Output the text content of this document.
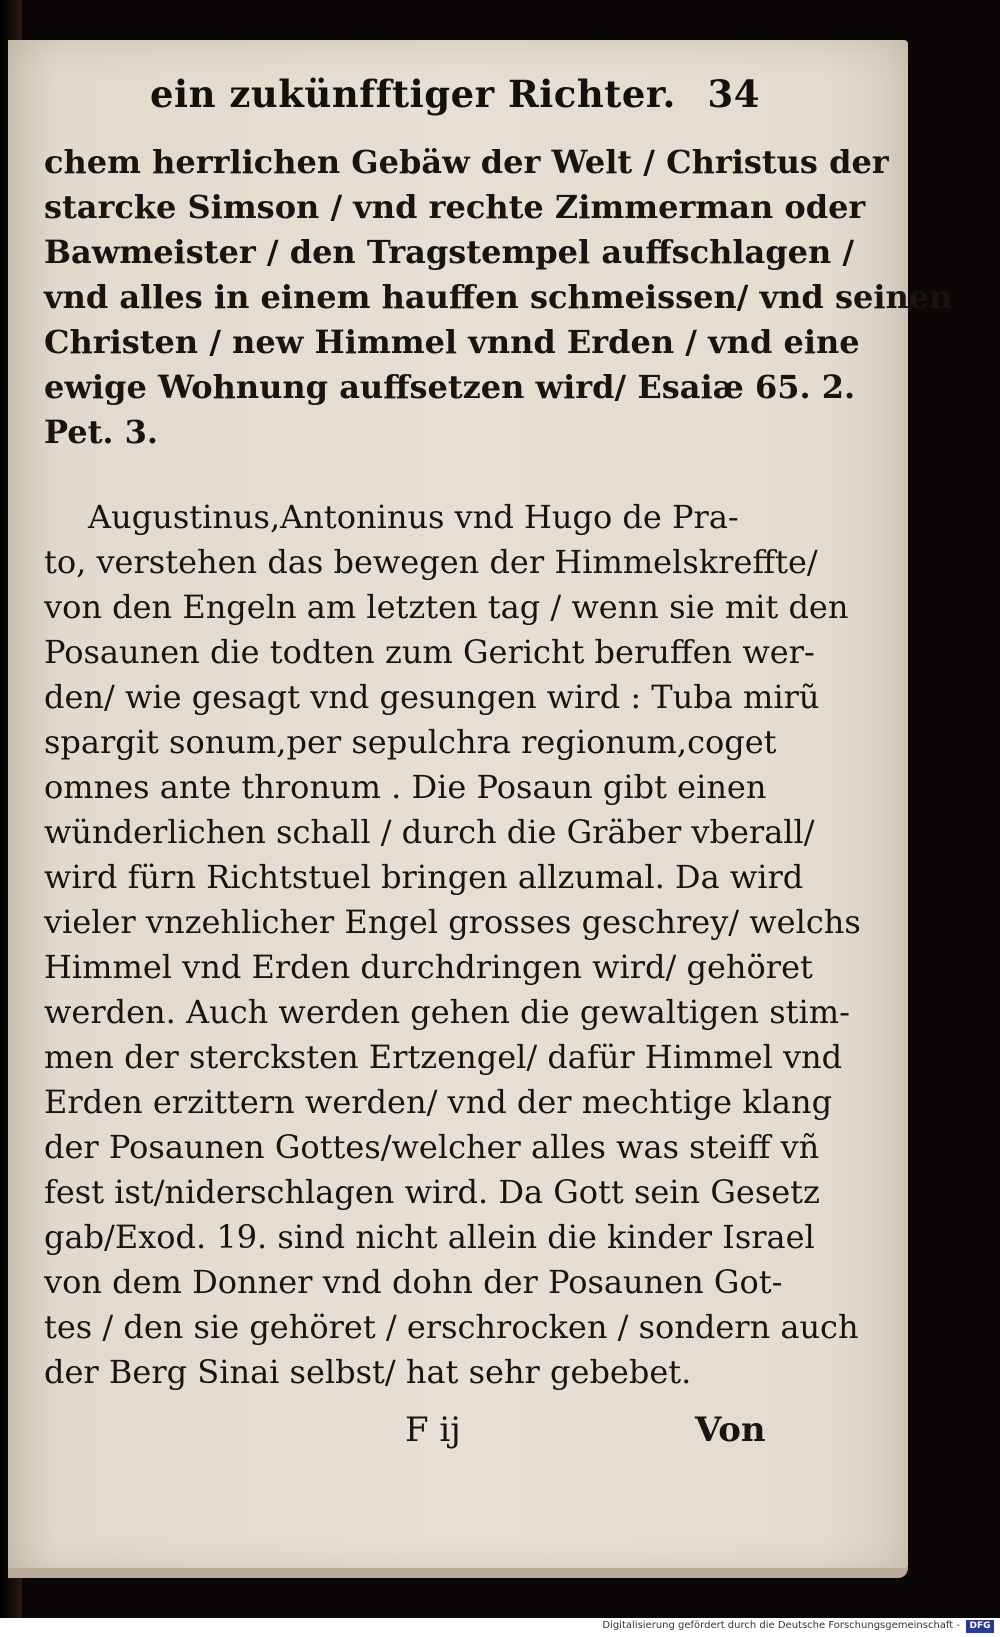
ein zukünfftiger Richter. 34
chem herrlichen Gebäw der Welt / Christus der
starcke Simson / vnd rechte Zimmerman oder
Bawmeister / den Tragstempel auffschlagen /
vnd alles in einem hauffen schmeissen/ vnd seinen
Christen / new Himmel vnnd Erden / vnd eine
ewige Wohnung auffsetzen wird/ Esaiæ 65. 2.
Pet. 3.
Augustinus,Antoninus vnd Hugo de Pra-
to, verstehen das bewegen der Himmelskreffte/
von den Engeln am letzten tag / wenn sie mit den
Posaunen die todten zum Gericht beruffen wer-
den/ wie gesagt vnd gesungen wird : Tuba mirũ
spargit sonum,per sepulchra regionum,coget
omnes ante thronum . Die Posaun gibt einen
wünderlichen schall / durch die Gräber vberall/
wird fürn Richtstuel bringen allzumal. Da wird
vieler vnzehlicher Engel grosses geschrey/ welchs
Himmel vnd Erden durchdringen wird/ gehöret
werden. Auch werden gehen die gewaltigen stim-
men der stercksten Ertzengel/ dafür Himmel vnd
Erden erzittern werden/ vnd der mechtige klang
der Posaunen Gottes/welcher alles was steiff vñ
fest ist/niderschlagen wird. Da Gott sein Gesetz
gab/Exod. 19. sind nicht allein die kinder Israel
von dem Donner vnd dohn der Posaunen Got-
tes / den sie gehöret / erschrocken / sondern auch
der Berg Sinai selbst/ hat sehr gebebet.
F ij	Von
Digitalisierung gefördert durch die Deutsche Forschungsgemeinschaft -	DFG
